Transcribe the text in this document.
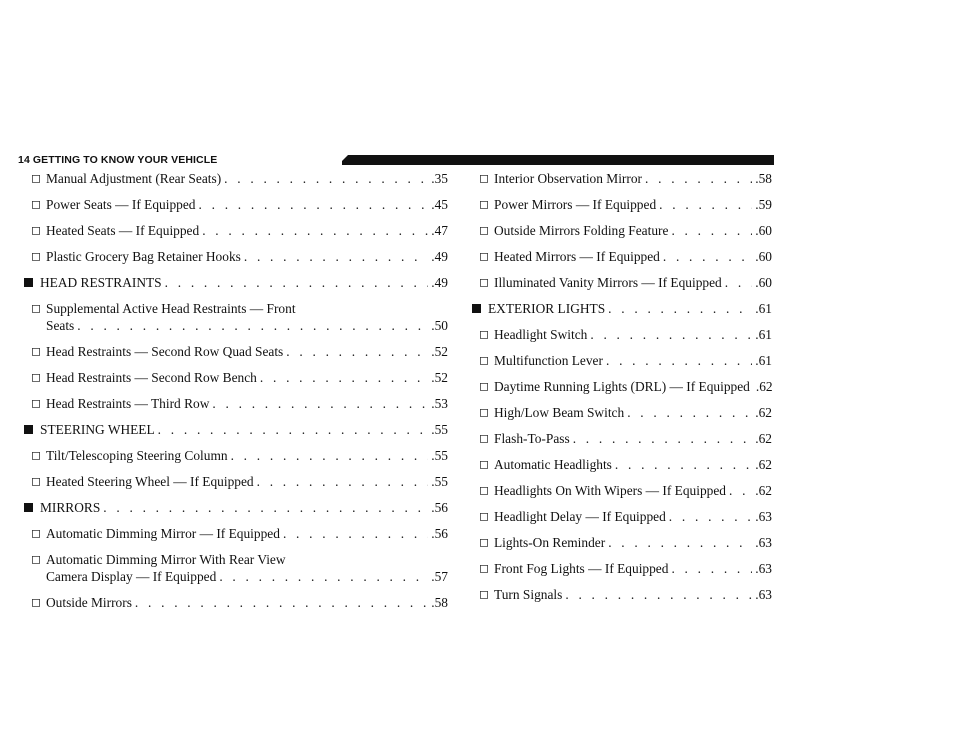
14 GETTING TO KNOW YOUR VEHICLE
◻ Manual Adjustment (Rear Seats) . . .	.35
◻ Power Seats — If Equipped . . .	.45
◻ Heated Seats — If Equipped . . .	.47
◻ Plastic Grocery Bag Retainer Hooks . . .	.49
HEAD RESTRAINTS . . .	.49
◻ Supplemental Active Head Restraints — Front
Seats . . .	.50
◻ Head Restraints — Second Row Quad Seats . . .	.52
◻ Head Restraints — Second Row Bench . . .	.52
◻ Head Restraints — Third Row . . .	.53
STEERING WHEEL . . .	.55
◻ Tilt/Telescoping Steering Column . . .	.55
◻ Heated Steering Wheel — If Equipped . . .	.55
MIRRORS . . .	.56
◻ Automatic Dimming Mirror — If Equipped . . .	.56
◻ Automatic Dimming Mirror With Rear View
Camera Display — If Equipped . . .	.57
◻ Outside Mirrors . . .	.58
◻ Interior Observation Mirror . . .	.58
◻ Power Mirrors — If Equipped . . .	.59
◻ Outside Mirrors Folding Feature . . .	.60
◻ Heated Mirrors — If Equipped . . .	.60
◻ Illuminated Vanity Mirrors — If Equipped . . .	.60
EXTERIOR LIGHTS . . .	.61
◻ Headlight Switch . . .	.61
◻ Multifunction Lever . . .	.61
◻ Daytime Running Lights (DRL) — If Equipped .62
◻ High/Low Beam Switch . . .	.62
◻ Flash-To-Pass . . .	.62
◻ Automatic Headlights . . .	.62
◻ Headlights On With Wipers — If Equipped . . . .62
◻ Headlight Delay — If Equipped . . .	.63
◻ Lights-On Reminder . . .	.63
◻ Front Fog Lights — If Equipped . . .	.63
◻ Turn Signals . . .	.63
